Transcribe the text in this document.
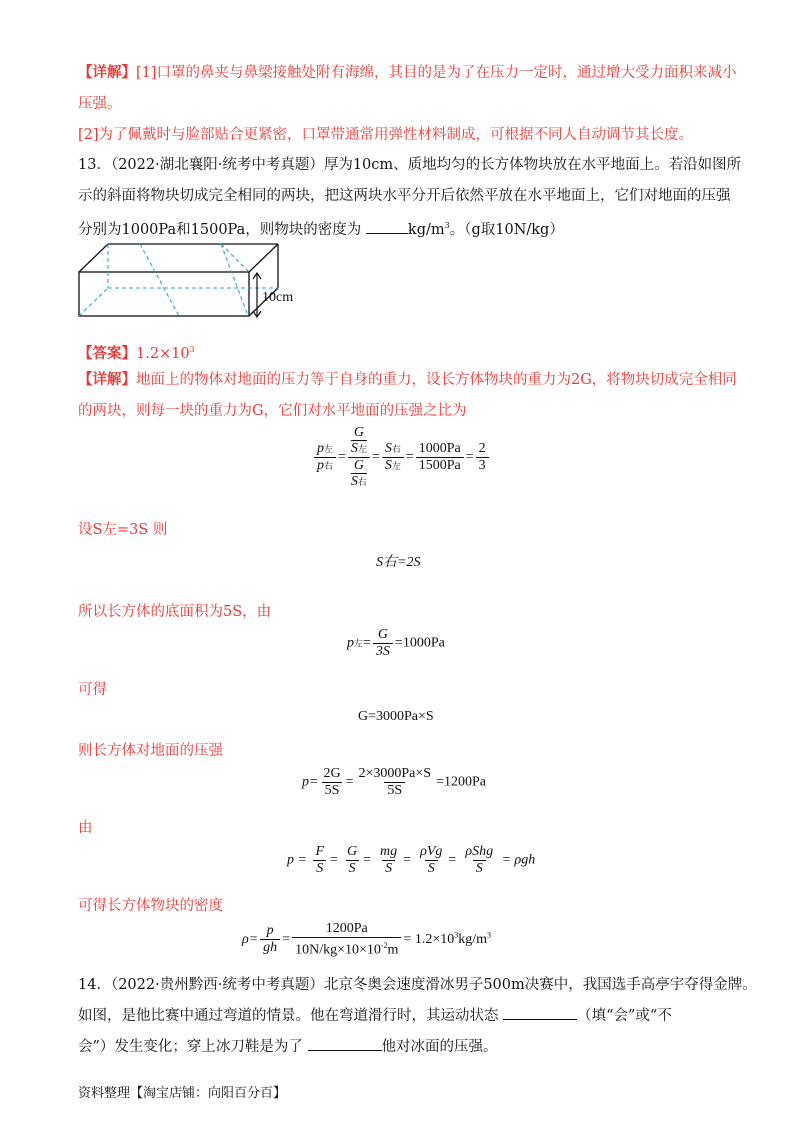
【详解】[1]口罩的鼻夹与鼻梁接触处附有海绵，其目的是为了在压力一定时，通过增大受力面积来减小
压强。
[2]为了佩戴时与脸部贴合更紧密，口罩带通常用弹性材料制成，可根据不同人自动调节其长度。
13．（2022·湖北襄阳·统考中考真题）厚为10cm、质地均匀的长方体物块放在水平地面上。若沿如图所
示的斜面将物块切成完全相同的两块，把这两块水平分开后依然平放在水平地面上，它们对地面的压强
分别为1000Pa和1500Pa，则物块的密度为	$kg/m^3$。（g取10N/kg）
10cm
【答案】$1.2\times 10^3$
【详解】地面上的物体对地面的压力等于自身的重力，设长方体物块的重力为2G，将物块切成完全相同
的两块，则每一块的重力为G，它们对水平地面的压强之比为
$\frac{\text{p左}}{\text{p右}} = G$
S左
G
S右 = $\frac{\text{S右}}{\text{S左}} = \frac{1000Pa}{1500Pa} = \frac{2}{3}$
设S左=3S 则
S右=2S
所以长方体的底面积为5S，由
p左= $\frac{G}{3S} =1000Pa$
可得
G=3000Pa×S
则长方体对地面的压强
$p= \frac{2G}{5S} = \frac{2\times 3000Pa\times S}{5S} =1200Pa$
由
$p = \frac{F}{S} = \frac{G}{S} = \frac{mg}{S} = \frac{\text{ρVg}}{S} = \frac{\text{ρShg}}{S} = \rho gh$
可得长方体物块的密度
$\rho= \frac{p}{gh} = \frac{1200Pa}{10N/kg\times 10\times 10^{-2}m} = 1.2\times 10^3kg/m^3$
14．（2022·贵州黔西·统考中考真题）北京冬奥会速度滑冰男子500m决赛中，我国选手高亭宇夺得金牌。
如图，是他比赛中通过弯道的情景。他在弯道滑行时，其运动状态	（填“会”或“不
会”）发生变化；穿上冰刀鞋是为了	他对冰面的压强。
资料整理【淘宝店铺：向阳百分百】
